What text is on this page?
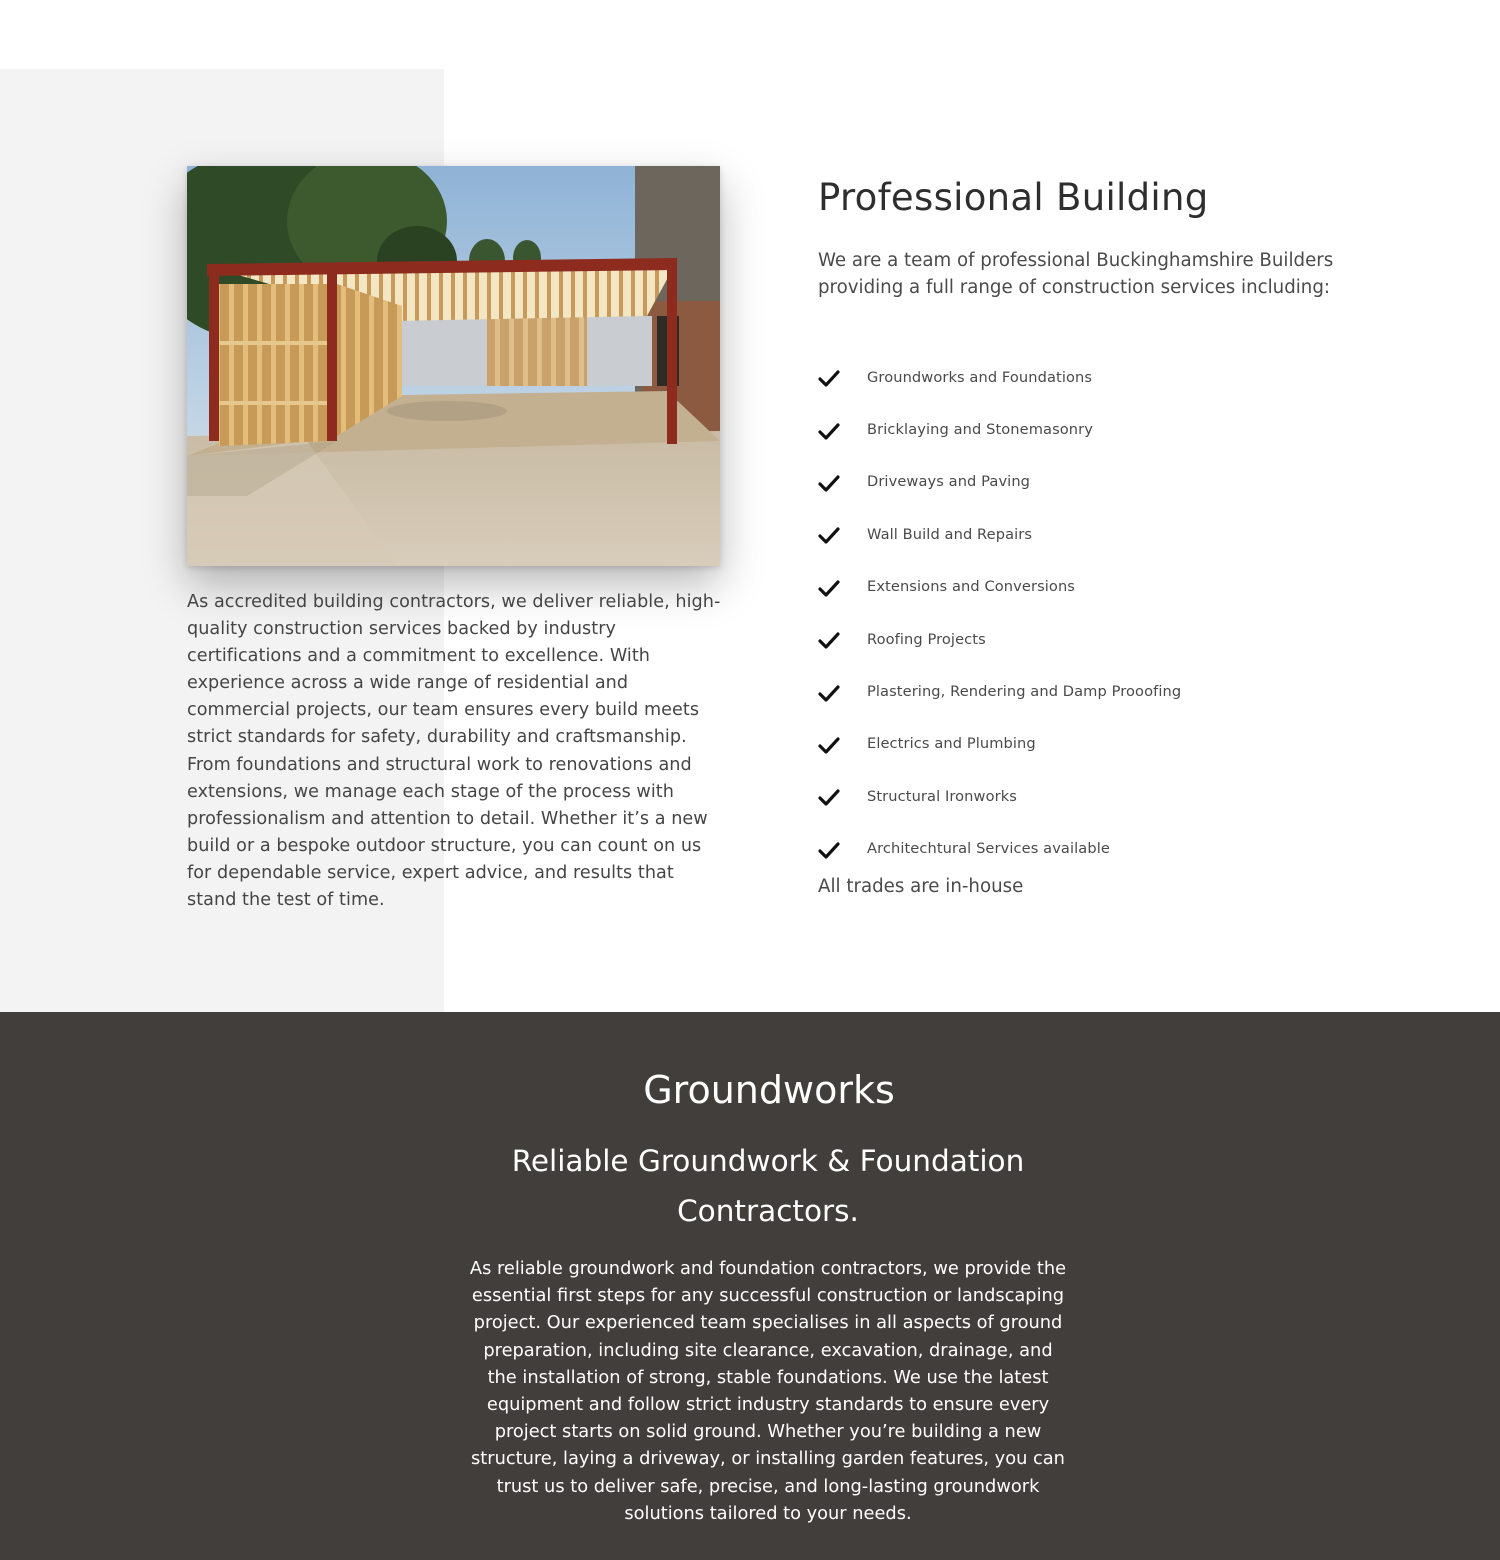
As accredited building contractors, we deliver reliable, high-quality construction services backed by industry certifications and a commitment to excellence. With experience across a wide range of residential and commercial projects, our team ensures every build meets strict standards for safety, durability and craftsmanship. From foundations and structural work to renovations and extensions, we manage each stage of the process with professionalism and attention to detail. Whether it’s a new build or a bespoke outdoor structure, you can count on us for dependable service, expert advice, and results that stand the test of time.

Professional Building

We are a team of professional Buckinghamshire Builders providing a full range of construction services including:

Groundworks and Foundations
Bricklaying and Stonemasonry
Driveways and Paving
Wall Build and Repairs
Extensions and Conversions
Roofing Projects
Plastering, Rendering and Damp Prooofing
Electrics and Plumbing
Structural Ironworks
Architechtural Services available

All trades are in-house

Groundworks
Reliable Groundwork & Foundation Contractors.

As reliable groundwork and foundation contractors, we provide the essential first steps for any successful construction or landscaping project. Our experienced team specialises in all aspects of ground preparation, including site clearance, excavation, drainage, and the installation of strong, stable foundations. We use the latest equipment and follow strict industry standards to ensure every project starts on solid ground. Whether you’re building a new structure, laying a driveway, or installing garden features, you can trust us to deliver safe, precise, and long-lasting groundwork solutions tailored to your needs.
